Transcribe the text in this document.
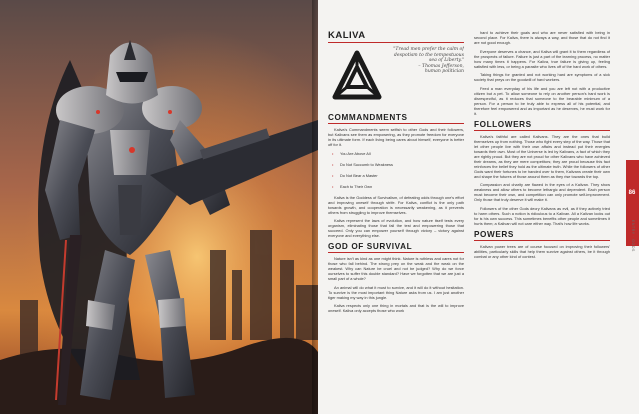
KALIVA
"Tread men prefer the calm of despotism to the tempestuous sea of Liberty."
– Thomas Jefferson,
human politician
COMMANDMENTS

Kaliva's Commandments seem selfish to other Gods and their followers, but Kalivans see them as empowering, as they promote freedom for everyone in its ultimate form. If each living being cares about himself, everyone is better off for it.

• You Are Above All
• Do Not Succumb to Weakness
• Do Not Bear a Master
• Each to Their Own

Kaliva is the Goddess of Survivalism, of defeating odds through one's effort and improving oneself through strife. For Kaliva, conflict is the only path towards growth, and cooperation is necessarily weakening, as it prevents others from struggling to improve themselves.

Kaliva represent the laws of evolution, and how nature itself tests every organism, eliminating those that fail the test and empowering those that succeed. Only you can empower yourself through victory – victory against everyone and everything else.

GOD OF SURVIVAL

Nature isn't as kind as one might think. Nature is ruthless and cares not for those who fall behind. The strong prey on the weak and the weak on the weakest. Why can Nature be cruel and not be judged? Why do we force ourselves to suffer this double standard? Have we forgotten that we are just a small part of a whole?

An animal will do what it must to survive, and it will do it without hesitation. To survive is the most important thing Nature asks from us. I am just another tiger making my way in this jungle.

Kaliva respects only one thing in mortals and that is the will to improve oneself. Kaliva only accepts those who work

hard to achieve their goals and who are never satisfied with being in second place. For Kaliva, there is always a way, and those that do not find it are not good enough.

Everyone deserves a chance, and Kaliva will grant it to them regardless of the prospects of failure. Failure is just a part of the learning process, no matter how many times it happens. For Kaliva, true failure is giving up, feeling satisfied with less, or being a parasite who lives off of the hard work of others.

Taking things for granted and not working hard are symptoms of a sick society that preys on the goodwill of hard workers.

Feed a man everyday of his life and you are left not with a productive citizen but a pet. To allow someone to rely on another person's hard work is disrespectful, as it reduces that someone to the bearable minimum of a person. For a person to be truly able to express all of his potential, and therefore feel empowered and as important as he deserves, he must work for it.

FOLLOWERS

Kaliva's faithful are called Kalivans. They are the ones that build themselves up from nothing. Those who fight every step of the way. Those that let other people live with their own affairs and instead put their energies towards their own. Most of the Universe is led by Kalivans, a fact of which they are rightly proud. But they are not proud for other Kalivans who have achieved their dreams, as they are mere competitors; they are proud because this fact reinforces the belief they hold as the ultimate truth. While the followers of other Gods want their fortunes to be handed over to them, Kalivans create their own and shape the futures of those around them as they rise towards the top.

Compassion and charity are flawed in the eyes of a Kalivan. They show weakness and allow others to become lethargic and dependent. Each person must become their own, and competition can only promote self-improvement. Only those that truly deserve it will make it.

Followers of the other Gods decry Kalivans as evil, as if they actively tried to harm others. Such a notion is ridiculous to a Kalivan. All a Kalivan looks out for is his own success. This sometimes benefits other people and sometimes it hurts them; a Kalivan will not care either way. That's how life works.

POWERS

Kalivan power trees are of course focused on improving their followers' abilities, particularly skills that help them survive against others, be it through combat or any other kind of contest.

86
ENTRY · GODS
